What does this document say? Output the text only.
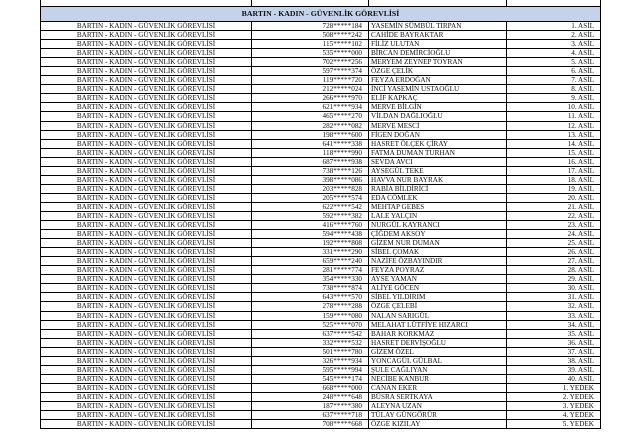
BARTIN - KADIN - GÜVENLİK GÖREVLİSİ			
BARTIN - KADIN - GÜVENLİK GÖREVLİSİ	728*****184	YASEMİN SÜMBÜL TIRPAN	1. ASİL
BARTIN - KADIN - GÜVENLİK GÖREVLİSİ	508*****242	CAHİDE BAYRAKTAR	2. ASİL
BARTIN - KADIN - GÜVENLİK GÖREVLİSİ	115*****102	FİLİZ ULUTAN	3. ASİL
BARTIN - KADIN - GÜVENLİK GÖREVLİSİ	535*****000	BİRCAN DEMİRCİOĞLU	4. ASİL
BARTIN - KADIN - GÜVENLİK GÖREVLİSİ	702*****256	MERYEM ZEYNEP TOYRAN	5. ASİL
BARTIN - KADIN - GÜVENLİK GÖREVLİSİ	597*****374	ÖZGE ÇELİK	6. ASİL
BARTIN - KADIN - GÜVENLİK GÖREVLİSİ	119*****720	FEYZA ERDOĞAN	7. ASİL
BARTIN - KADIN - GÜVENLİK GÖREVLİSİ	212*****024	İNCİ YASEMİN USTAOĞLU	8. ASİL
BARTIN - KADIN - GÜVENLİK GÖREVLİSİ	266*****970	ELİF KAPKAÇ	9. ASİL
BARTIN - KADIN - GÜVENLİK GÖREVLİSİ	621*****934	MERVE BİLGİN	10. ASİL
BARTIN - KADIN - GÜVENLİK GÖREVLİSİ	465*****270	VİLDAN DAĞLIOĞLU	11. ASİL
BARTIN - KADIN - GÜVENLİK GÖREVLİSİ	282*****082	MERVE MESCİ	12. ASİL
BARTIN - KADIN - GÜVENLİK GÖREVLİSİ	198*****600	FİGEN DOĞAN	13. ASİL
BARTIN - KADIN - GÜVENLİK GÖREVLİSİ	641*****338	HASRET ÖLÇEK ÇİRAY	14. ASİL
BARTIN - KADIN - GÜVENLİK GÖREVLİSİ	118*****990	FATMA DUMAN TURHAN	15. ASİL
BARTIN - KADIN - GÜVENLİK GÖREVLİSİ	687*****938	SEVDA AVCI	16. ASİL
BARTIN - KADIN - GÜVENLİK GÖREVLİSİ	738*****126	AYSEGÜL TEKE	17. ASİL
BARTIN - KADIN - GÜVENLİK GÖREVLİSİ	398*****086	HAVVA NUR BAYRAK	18. ASİL
BARTIN - KADIN - GÜVENLİK GÖREVLİSİ	203*****828	RABİA BİLDİRİCİ	19. ASİL
BARTIN - KADIN - GÜVENLİK GÖREVLİSİ	205*****574	EDA CÖMLEK	20. ASİL
BARTIN - KADIN - GÜVENLİK GÖREVLİSİ	622*****542	MEHTAP GEBES	21. ASİL
BARTIN - KADIN - GÜVENLİK GÖREVLİSİ	592*****382	LALE YALÇIN	22. ASİL
BARTIN - KADIN - GÜVENLİK GÖREVLİSİ	416*****760	NURGÜL KAYRANCI	23. ASİL
BARTIN - KADIN - GÜVENLİK GÖREVLİSİ	594*****438	ÇİĞDEM AKSOY	24. ASİL
BARTIN - KADIN - GÜVENLİK GÖREVLİSİ	192*****808	GİZEM NUR DUMAN	25. ASİL
BARTIN - KADIN - GÜVENLİK GÖREVLİSİ	331*****290	SİBEL ÇOMAK	26. ASİL
BARTIN - KADIN - GÜVENLİK GÖREVLİSİ	659*****240	NAZİFE ÖZBAYINDIR	27. ASİL
BARTIN - KADIN - GÜVENLİK GÖREVLİSİ	281*****774	FEYZA POYRAZ	28. ASİL
BARTIN - KADIN - GÜVENLİK GÖREVLİSİ	354*****330	AYSE YAMAN	29. ASİL
BARTIN - KADIN - GÜVENLİK GÖREVLİSİ	738*****874	ALİYE GÖCEN	30. ASİL
BARTIN - KADIN - GÜVENLİK GÖREVLİSİ	643*****570	SİBEL YILDIRIM	31. ASİL
BARTIN - KADIN - GÜVENLİK GÖREVLİSİ	278*****288	ÖZGE ÇELEBİ	32. ASİL
BARTIN - KADIN - GÜVENLİK GÖREVLİSİ	159*****080	NALAN SARIGÜL	33. ASİL
BARTIN - KADIN - GÜVENLİK GÖREVLİSİ	525*****070	MELAHAT LÜTFİYE HIZARCI	34. ASİL
BARTIN - KADIN - GÜVENLİK GÖREVLİSİ	637*****542	BAHAR KORKMAZ	35. ASİL
BARTIN - KADIN - GÜVENLİK GÖREVLİSİ	332*****532	HASRET DERVİŞOĞLU	36. ASİL
BARTIN - KADIN - GÜVENLİK GÖREVLİSİ	501*****780	GİZEM ÖZEL	37. ASİL
BARTIN - KADIN - GÜVENLİK GÖREVLİSİ	326*****934	YONCAGÜL GÜLBAL	38. ASİL
BARTIN - KADIN - GÜVENLİK GÖREVLİSİ	595*****994	ŞULE CAĞLIYAN	39. ASİL
BARTIN - KADIN - GÜVENLİK GÖREVLİSİ	545*****174	NECİBE KANBUR	40. ASİL
BARTIN - KADIN - GÜVENLİK GÖREVLİSİ	668*****000	CANAN EKER	1. YEDEK
BARTIN - KADIN - GÜVENLİK GÖREVLİSİ	248*****648	BÜSRA SERTKAYA	2. YEDEK
BARTIN - KADIN - GÜVENLİK GÖREVLİSİ	187*****380	ALEYNA UZAN	3. YEDEK
BARTIN - KADIN - GÜVENLİK GÖREVLİSİ	637*****718	TÜLAY GÜNGÖRÜR	4. YEDEK
BARTIN - KADIN - GÜVENLİK GÖREVLİSİ	708*****668	ÖZGE KIZILAY	5. YEDEK
